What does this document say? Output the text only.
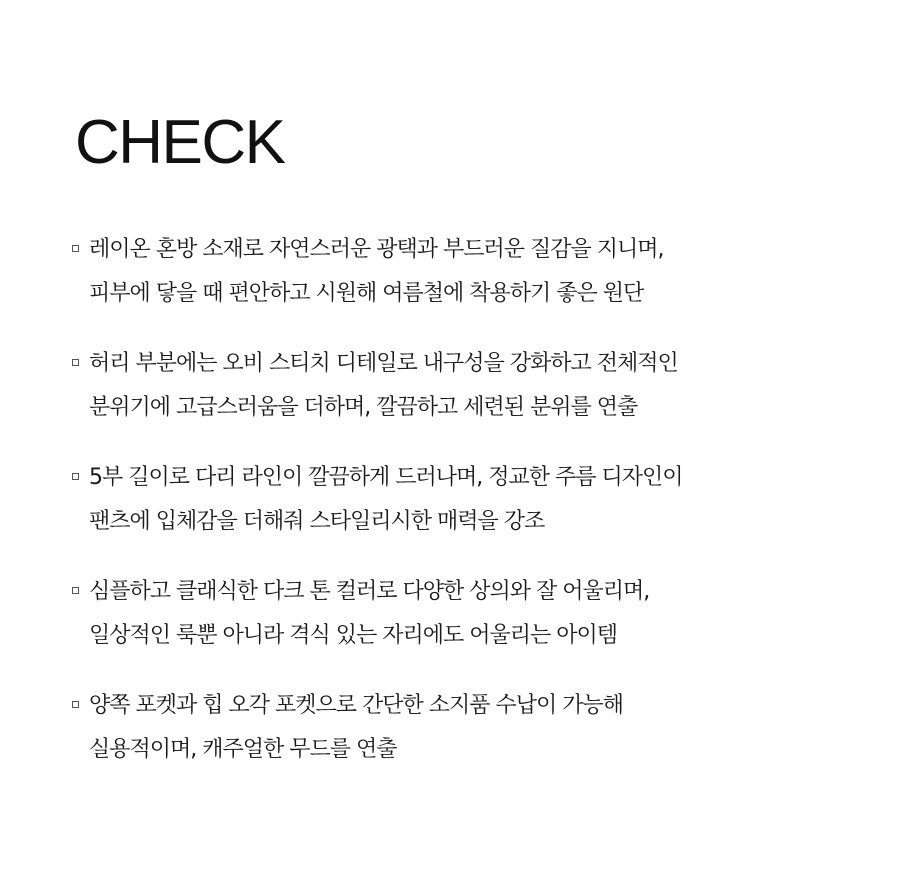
CHECK
레이온 혼방 소재로 자연스러운 광택과 부드러운 질감을 지니며,
피부에 닿을 때 편안하고 시원해 여름철에 착용하기 좋은 원단
허리 부분에는 오비 스티치 디테일로 내구성을 강화하고 전체적인
분위기에 고급스러움을 더하며, 깔끔하고 세련된 분위를 연출
5부 길이로 다리 라인이 깔끔하게 드러나며, 정교한 주름 디자인이
팬츠에 입체감을 더해줘 스타일리시한 매력을 강조
심플하고 클래식한 다크 톤 컬러로 다양한 상의와 잘 어울리며,
일상적인 룩뿐 아니라 격식 있는 자리에도 어울리는 아이템
양쪽 포켓과 힙 오각 포켓으로 간단한 소지품 수납이 가능해
실용적이며, 캐주얼한 무드를 연출
